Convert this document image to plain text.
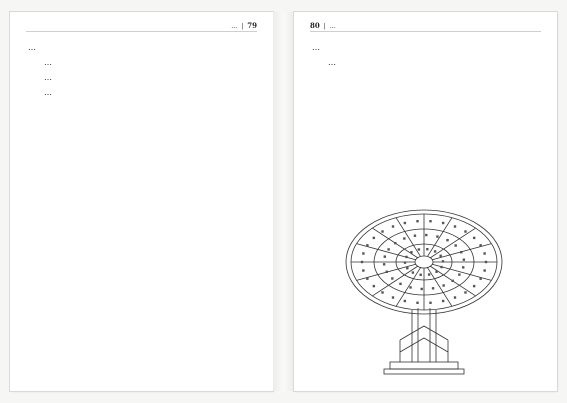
… | 79

…

…

…

…

80 | …

…

…
